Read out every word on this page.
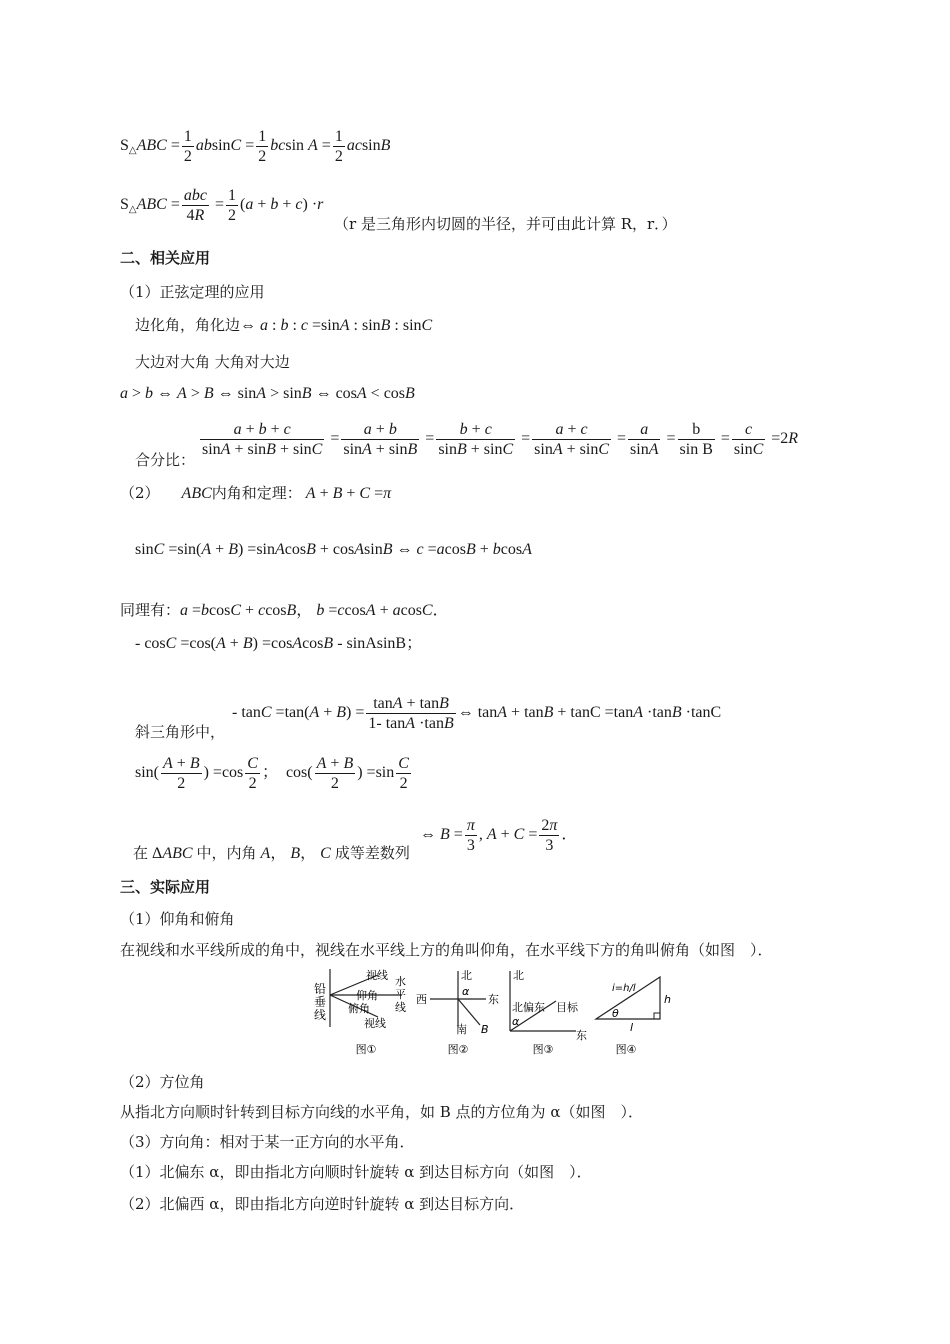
$S_\triangle ABC = \frac{1}{2}$ $absinC = \frac{1}{2}$ bcsin $A = \frac{1}{2}$ acsinB
$S_\triangle ABC = \frac{\text{abc}}{4R} = \frac{1}{2} (a + b + c) \cdot r$
（r 是三角形内切圆的半径，并可由此计算 R，r．）
二、相关应用
（1）正弦定理的应用
边化角，角化边⇔ a : b : c =sinA : sinB : sinC
大边对大角 大角对大边
a > b ⇔ A > B ⇔ sinA > sinB ⇔ cosA < cosB
合分比：
$\frac{a + b + c}{\sin A + \sin B + \sin C} = \frac{a + b}{\sin A + \sin B} = \frac{b + c}{\sin B + \sin C} = \frac{a + c}{\sin A + \sin C} = \frac{a}{\sin A} = \frac{b}{\text{sin B}} = \frac{c}{\sin C} =2R$
（2） ABC内角和定理： A + B + C =π
sinC =sin(A + B) =sinAcosB + cosAsinB ⇔ c =acosB + bcosA
同理有：a =bcosC + ccosB， b =ccosA + acosC．
- cosC =cos(A + B) =cosAcosB - sinAsinB；
斜三角形中，
- $\tan C =\tan(A + B) = \frac{\tan A + \tan B}{1- \tan A \cdot\tan B}$ ⇔ tanA + tanB + tanC =tanA ·tanB ·tanC
$\sin( \frac{A + B}{2}$ ) $=\cos \frac{C}{2}$ ；  $\cos( \frac{A + B}{2}$ ) $=\sin \frac{C}{2}$
在 ΔABC 中，内角 A， B， C 成等差数列
⇔ $B = \frac{\pi}{3}$ , $A + C = \frac{2\pi}{3}$ ．
三、实际应用
（1）仰角和俯角
在视线和水平线所成的角中，视线在水平线上方的角叫仰角，在水平线下方的角叫俯角（如图　）．
铅垂线
视线
仰角
水平线
俯角
视线
图①
北
西	东
α
南 B
图②
北
北偏东 目标
α
东
图③
i=h/l
h
θ
l
图④
（2）方位角
从指北方向顺时针转到目标方向线的水平角，如 B 点的方位角为 α（如图　）．
（3）方向角：相对于某一正方向的水平角．
（1）北偏东 α，即由指北方向顺时针旋转 α 到达目标方向（如图　）．
（2）北偏西 α，即由指北方向逆时针旋转 α 到达目标方向．
